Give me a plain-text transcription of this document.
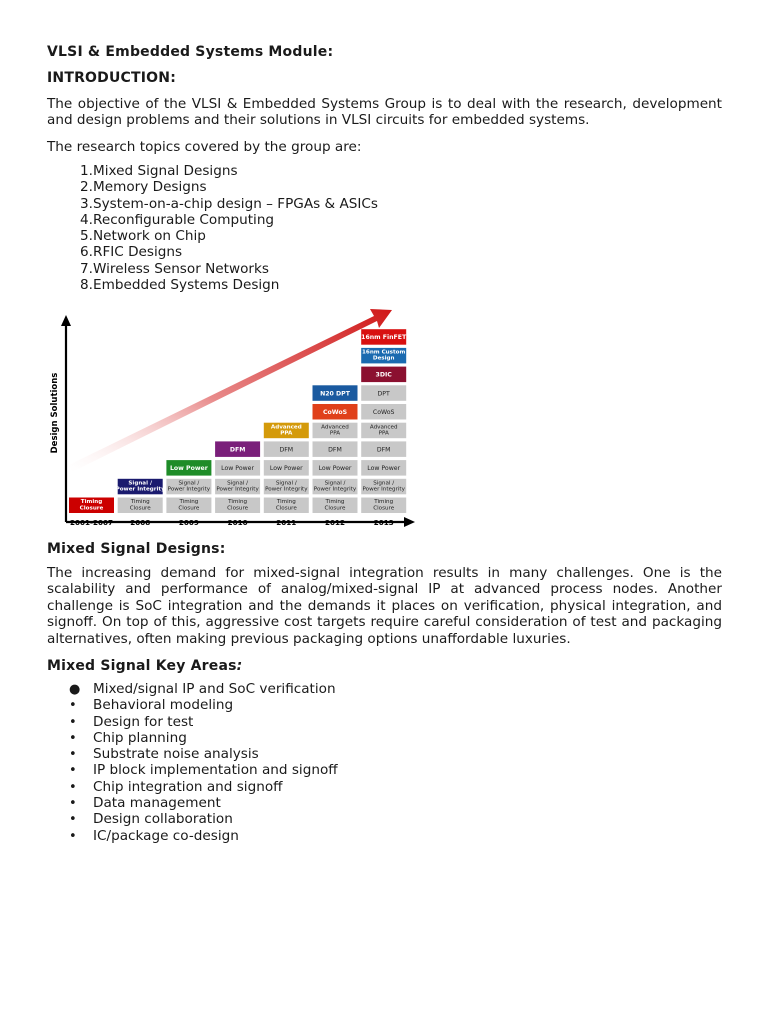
VLSI & Embedded Systems Module:
INTRODUCTION:

The objective of the VLSI & Embedded Systems Group is to deal with the research, development and design problems and their solutions in VLSI circuits for embedded systems.

The research topics covered by the group are:

1.Mixed Signal Designs
2.Memory Designs
3.System-on-a-chip design – FPGAs & ASICs
4.Reconfigurable Computing
5.Network on Chip
6.RFIC Designs
7.Wireless Sensor Networks
8.Embedded Systems Design
Design Solutions
Timing Closure
Timing Closure
Signal / Power Integrity
Timing Closure
Signal / Power Integrity
Low Power
Timing Closure
Signal / Power Integrity
Low Power
DFM
Timing Closure
Signal / Power Integrity
Low Power
DFM
Advanced PPA
Timing Closure
Signal / Power Integrity
Low Power
DFM
Advanced PPA
CoWoS
N20 DPT
Timing Closure
Signal / Power Integrity
Low Power
DFM
Advanced PPA
CoWoS
DPT
3DIC
16nm Custom Design
16nm FinFET
2001-2007 2008	2009	2010	2011	2012	2013
Mixed Signal Designs:

The increasing demand for mixed-signal integration results in many challenges. One is the scalability and performance of analog/mixed-signal IP at advanced process nodes. Another challenge is SoC integration and the demands it places on verification, physical integration, and signoff. On top of this, aggressive cost targets require careful consideration of test and packaging alternatives, often making previous packaging options unaffordable luxuries.

Mixed Signal Key Areas:
● Mixed/signal IP and SoC verification
• Behavioral modeling
• Design for test
• Chip planning
• Substrate noise analysis
• IP block implementation and signoff
• Chip integration and signoff
• Data management
• Design collaboration
• IC/package co-design
